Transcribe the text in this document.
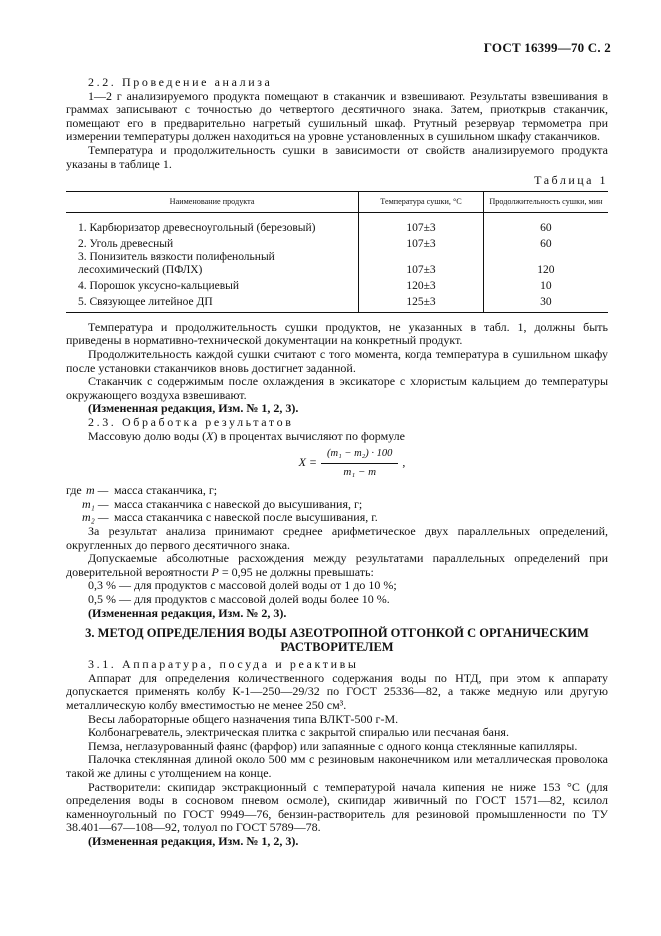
ГОСТ 16399—70 С. 2

2.2. Проведение анализа

1—2 г анализируемого продукта помещают в стаканчик и взвешивают. Результаты взвешивания в граммах записывают с точностью до четвертого десятичного знака. Затем, приоткрыв стаканчик, помещают его в предварительно нагретый сушильный шкаф. Ртутный резервуар термометра при измерении температуры должен находиться на уровне установленных в сушильном шкафу стаканчиков.

Температура и продолжительность сушки в зависимости от свойств анализируемого продукта указаны в таблице 1.

Таблица 1

Наименование продукта	Температура сушки, °С	Продолжительность сушки, мин
1. Карбюризатор древесноугольный (березовый)	107±3	60
2. Уголь древесный	107±3	60
3. Понизитель вязкости полифенольный лесохимический (ПФЛХ)	107±3	120
4. Порошок уксусно-кальциевый	120±3	10
5. Связующее литейное ДП	125±3	30

Температура и продолжительность сушки продуктов, не указанных в табл. 1, должны быть приведены в нормативно-технической документации на конкретный продукт.

Продолжительность каждой сушки считают с того момента, когда температура в сушильном шкафу после установки стаканчиков вновь достигнет заданной.

Стаканчик с содержимым после охлаждения в эксикаторе с хлористым кальцием до температуры окружающего воздуха взвешивают.

(Измененная редакция, Изм. № 1, 2, 3).

2.3. Обработка результатов

Массовую долю воды (X) в процентах вычисляют по формуле

$X = \frac{\text{(m₁ − m₂) · 100}}{\text{m₁ − m}}$ ,
где m — масса стаканчика, г;
m₁ — масса стаканчика с навеской до высушивания, г;
m₂ — масса стаканчика с навеской после высушивания, г.

За результат анализа принимают среднее арифметическое двух параллельных определений, округленных до первого десятичного знака.

Допускаемые абсолютные расхождения между результатами параллельных определений при доверительной вероятности P = 0,95 не должны превышать:

0,3 % — для продуктов с массовой долей воды от 1 до 10 %;

0,5 % — для продуктов с массовой долей воды более 10 %.

(Измененная редакция, Изм. № 2, 3).

3. МЕТОД ОПРЕДЕЛЕНИЯ ВОДЫ АЗЕОТРОПНОЙ ОТГОНКОЙ С ОРГАНИЧЕСКИМ РАСТВОРИТЕЛЕМ

3.1. Аппаратура, посуда и реактивы

Аппарат для определения количественного содержания воды по НТД, при этом к аппарату допускается применять колбу К-1—250—29/32 по ГОСТ 25336—82, а также медную или другую металлическую колбу вместимостью не менее 250 см³.

Весы лабораторные общего назначения типа ВЛКТ-500 г-М.

Колбонагреватель, электрическая плитка с закрытой спиралью или песчаная баня.

Пемза, неглазурованный фаянс (фарфор) или запаянные с одного конца стеклянные капилляры.

Палочка стеклянная длиной около 500 мм с резиновым наконечником или металлическая проволока такой же длины с утолщением на конце.

Растворители: скипидар экстракционный с температурой начала кипения не ниже 153 °С (для определения воды в сосновом пневом осмоле), скипидар живичный по ГОСТ 1571—82, ксилол каменноугольный по ГОСТ 9949—76, бензин-растворитель для резиновой промышленности по ТУ 38.401—67—108—92, толуол по ГОСТ 5789—78.

(Измененная редакция, Изм. № 1, 2, 3).
